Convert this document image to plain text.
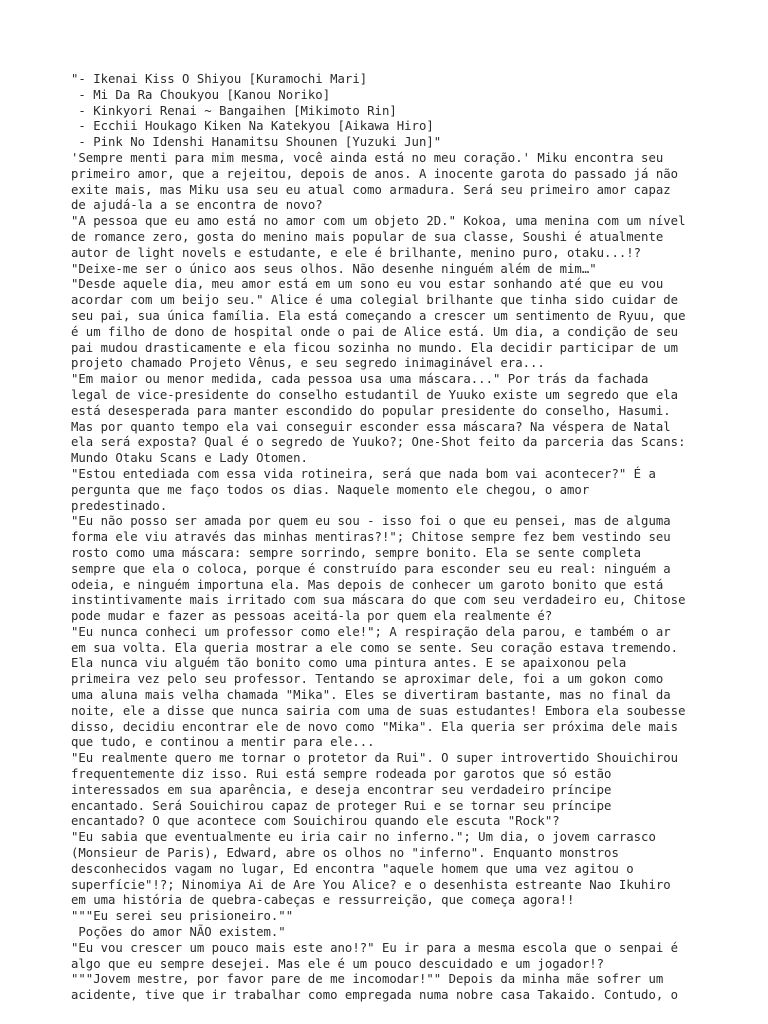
"- Ikenai Kiss O Shiyou [Kuramochi Mari]
- Mi Da Ra Choukyou [Kanou Noriko]
- Kinkyori Renai ~ Bangaihen [Mikimoto Rin]
- Ecchii Houkago Kiken Na Katekyou [Aikawa Hiro]
- Pink No Idenshi Hanamitsu Shounen [Yuzuki Jun]"
'Sempre menti para mim mesma, você ainda está no meu coração.' Miku encontra seu
primeiro amor, que a rejeitou, depois de anos. A inocente garota do passado já não
exite mais, mas Miku usa seu eu atual como armadura. Será seu primeiro amor capaz
de ajudá-la a se encontra de novo?
"A pessoa que eu amo está no amor com um objeto 2D." Kokoa, uma menina com um nível
de romance zero, gosta do menino mais popular de sua classe, Soushi é atualmente
autor de light novels e estudante, e ele é brilhante, menino puro, otaku...!?
"Deixe-me ser o único aos seus olhos. Não desenhe ninguém além de mim…"
"Desde aquele dia, meu amor está em um sono eu vou estar sonhando até que eu vou
acordar com um beijo seu." Alice é uma colegial brilhante que tinha sido cuidar de
seu pai, sua única família. Ela está começando a crescer um sentimento de Ryuu, que
é um filho de dono de hospital onde o pai de Alice está. Um dia, a condição de seu
pai mudou drasticamente e ela ficou sozinha no mundo. Ela decidir participar de um
projeto chamado Projeto Vênus, e seu segredo inimaginável era...
"Em maior ou menor medida, cada pessoa usa uma máscara..." Por trás da fachada
legal de vice-presidente do conselho estudantil de Yuuko existe um segredo que ela
está desesperada para manter escondido do popular presidente do conselho, Hasumi.
Mas por quanto tempo ela vai conseguir esconder essa máscara? Na véspera de Natal
ela será exposta? Qual é o segredo de Yuuko?; One-Shot feito da parceria das Scans:
Mundo Otaku Scans e Lady Otomen.
"Estou entediada com essa vida rotineira, será que nada bom vai acontecer?" É a
pergunta que me faço todos os dias. Naquele momento ele chegou, o amor
predestinado.
"Eu não posso ser amada por quem eu sou - isso foi o que eu pensei, mas de alguma
forma ele viu através das minhas mentiras?!"; Chitose sempre fez bem vestindo seu
rosto como uma máscara: sempre sorrindo, sempre bonito. Ela se sente completa
sempre que ela o coloca, porque é construído para esconder seu eu real: ninguém a
odeia, e ninguém importuna ela. Mas depois de conhecer um garoto bonito que está
instintivamente mais irritado com sua máscara do que com seu verdadeiro eu, Chitose
pode mudar e fazer as pessoas aceitá-la por quem ela realmente é?
"Eu nunca conheci um professor como ele!"; A respiração dela parou, e também o ar
em sua volta. Ela queria mostrar a ele como se sente. Seu coração estava tremendo.
Ela nunca viu alguém tão bonito como uma pintura antes. E se apaixonou pela
primeira vez pelo seu professor. Tentando se aproximar dele, foi a um gokon como
uma aluna mais velha chamada "Mika". Eles se divertiram bastante, mas no final da
noite, ele a disse que nunca sairia com uma de suas estudantes! Embora ela soubesse
disso, decidiu encontrar ele de novo como "Mika". Ela queria ser próxima dele mais
que tudo, e continou a mentir para ele...
"Eu realmente quero me tornar o protetor da Rui". O super introvertido Shouichirou
frequentemente diz isso. Rui está sempre rodeada por garotos que só estão
interessados em sua aparência, e deseja encontrar seu verdadeiro príncipe
encantado. Será Souichirou capaz de proteger Rui e se tornar seu príncipe
encantado? O que acontece com Souichirou quando ele escuta "Rock"?
"Eu sabia que eventualmente eu iria cair no inferno."; Um dia, o jovem carrasco
(Monsieur de Paris), Edward, abre os olhos no "inferno". Enquanto monstros
desconhecidos vagam no lugar, Ed encontra "aquele homem que uma vez agitou o
superfície"!?; Ninomiya Ai de Are You Alice? e o desenhista estreante Nao Ikuhiro
em uma história de quebra-cabeças e ressurreição, que começa agora!!
"""Eu serei seu prisioneiro.""
Poções do amor NÃO existem."
"Eu vou crescer um pouco mais este ano!?" Eu ir para a mesma escola que o senpai é
algo que eu sempre desejei. Mas ele é um pouco descuidado e um jogador!?
"""Jovem mestre, por favor pare de me incomodar!"" Depois da minha mãe sofrer um
acidente, tive que ir trabalhar como empregada numa nobre casa Takaido. Contudo, o
